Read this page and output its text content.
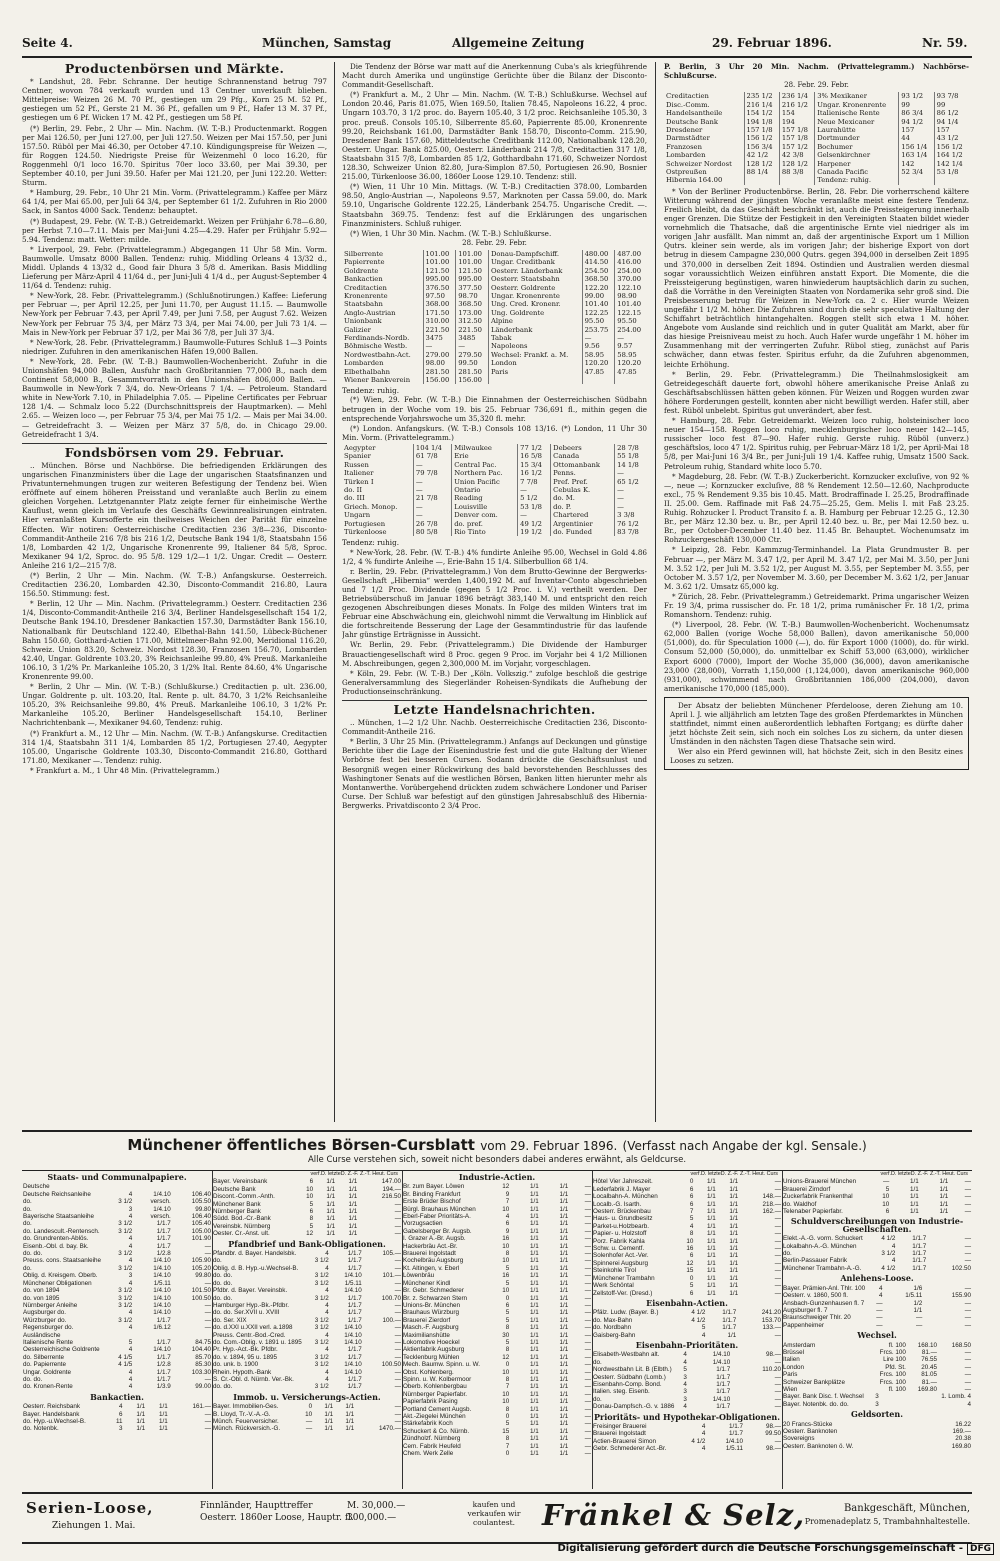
Seite 4.	München, Samstag	Allgemeine Zeitung	29. Februar 1896.	Nr. 59.
Productenbörsen und Märkte.

* Landshut, 28. Febr. Schranne. Der heutige Schrannenstand betrug 797 Centner, wovon 784 verkauft wurden und 13 Centner unverkauft blieben. Mittelpreise: Weizen 26 M. 70 Pf., gestiegen um 29 Pfg., Korn 25 M. 52 Pf., gestiegen um 52 Pf., Gerste 21 M. 36 Pf., gefallen um 9 Pf., Hafer 13 M. 37 Pf., gestiegen um 6 Pf. Wicken 17 M. 42 Pf., gestiegen um 58 Pf.

(*) Berlin, 29. Febr., 2 Uhr — Min. Nachm. (W. T.-B.) Productenmarkt. Roggen per Mai 126.50, per Juni 127.00, per Juli 127.50. Weizen per Mai 157.50, per Juni 157.50. Rüböl per Mai 46.30, per October 47.10. Kündigungspreise für Weizen —, für Roggen 124.50. Niedrigste Preise für Weizenmehl 0 loco 16.20, für Roggenmehl 0/1 loco 16.70. Spiritus 70er loco 33.60, per Mai 39.30, per September 40.10, per Juni 39.50. Hafer per Mai 121.20, per Juni 122.20. Wetter: Sturm.

* Hamburg, 29. Febr., 10 Uhr 21 Min. Vorm. (Privattelegramm.) Kaffee per März 64 1/4, per Mai 65.00, per Juli 64 3/4, per September 61 1/2. Zufuhren in Rio 2000 Sack, in Santos 4000 Sack. Tendenz: behauptet.

(*) Budapest, 29. Febr. (W. T.-B.) Getreidemarkt. Weizen per Frühjahr 6.78—6.80, per Herbst 7.10—7.11. Mais per Mai-Juni 4.25—4.29. Hafer per Frühjahr 5.92—5.94. Tendenz: matt. Wetter: milde.

* Liverpool, 29. Febr. (Privattelegramm.) Abgegangen 11 Uhr 58 Min. Vorm. Baumwolle. Umsatz 8000 Ballen. Tendenz: ruhig. Middling Orleans 4 13/32 d., Middl. Uplands 4 13/32 d., Good fair Dhura 3 5/8 d. Amerikan. Basis Middling Lieferung per März-April 4 11/64 d., per Juni-Juli 4 1/4 d., per August-September 4 11/64 d. Tendenz: ruhig.

* New-York, 28. Febr. (Privattelegramm.) (Schlußnotirungen.) Kaffee: Lieferung per Februar —, per April 12.25, per Juni 11.70, per August 11.15. — Baumwolle New-York per Februar 7.43, per April 7.49, per Juni 7.58, per August 7.62. Weizen New-York per Februar 75 3/4, per März 73 3/4, per Mai 74.00, per Juli 73 1/4. — Mais in New-York per Februar 37 1/2, per Mai 36 7/8, per Juli 37 3/4.

* New-York, 28. Febr. (Privattelegramm.) Baumwolle-Futures Schluß 1—3 Points niedriger. Zufuhren in den amerikanischen Häfen 19,000 Ballen.

* New-York, 28. Febr. (W. T.-B.) Baumwollen-Wochenbericht. Zufuhr in die Unionshäfen 94,000 Ballen, Ausfuhr nach Großbritannien 77,000 B., nach dem Continent 58,000 B., Gesammtvorrath in den Unionshäfen 806,000 Ballen. — Baumwolle in New-York 7 3/4, do. New-Orleans 7 1/4. — Petroleum. Standard white in New-York 7.10, in Philadelphia 7.05. — Pipeline Certificates per Februar 128 1/4. — Schmalz loco 5.22 (Durchschnittspreis der Hauptmarken). — Mehl 2.65. — Weizen loco —, per Februar 75 3/4, per Mai 75 1/2. — Mais per Mai 34.00. — Getreidefracht 3. — Weizen per März 37 5/8, do. in Chicago 29.00. Getreidefracht 1 3/4.

Fondsbörsen vom 29. Februar.

.. München. Börse und Nachbörse. Die befriedigenden Erklärungen des ungarischen Finanzministers über die Lage der ungarischen Staatsfinanzen und Privatunternehmungen trugen zur weiteren Befestigung der Tendenz bei. Wien eröffnete auf einem höheren Preisstand und veranlaßte auch Berlin zu einem gleichen Vorgehen. Letztgenannter Platz zeigte ferner für einheimische Werthe Kauflust, wenn gleich im Verlaufe des Geschäfts Gewinnrealisirungen eintraten. Hier veranlaßten Kursofferte ein theilweises Weichen der Parität für einzelne Effecten. Wir notiren: Oesterreichische Creditactien 236 3/8—236, Disconto-Commandit-Antheile 216 7/8 bis 216 1/2, Deutsche Bank 194 1/8, Staatsbahn 156 1/8, Lombarden 42 1/2, Ungarische Kronenrente 99, Italiener 84 5/8, Sproc. Mexikaner 94 1/2, Sproc. do. 95 5/8. 129 1/2—1 1/2. Ungar. Credit — Oesterr. Anleihe 216 1/2—215 7/8.

(*) Berlin, 2 Uhr — Min. Nachm. (W. T.-B.) Anfangskurse. Oesterreich. Creditactien 236.20, Lombarden 42.30, Disconto-Commandit 216.80, Laura 156.50. Stimmung: fest.

* Berlin, 12 Uhr — Min. Nachm. (Privattelegramm.) Oesterr. Creditactien 236 1/4, Disconto-Commandit-Antheile 216 3/4, Berliner Handelsgesellschaft 154 1/2, Deutsche Bank 194.10, Dresdener Bankactien 157.30, Darmstädter Bank 156.10, Nationalbank für Deutschland 122.40, Elbethal-Bahn 141.50, Lübeck-Büchener Bahn 150.60, Gotthard-Actien 171.00, Mittelmeer-Bahn 92.00, Meridional 116.20, Schweiz. Union 83.20, Schweiz. Nordost 128.30, Franzosen 156.70, Lombarden 42.40, Ungar. Goldrente 103.20, 3% Reichsanleihe 99.80, 4% Preuß. Markanleihe 106.10, 3 1/2% Pr. Markanleihe 105.20, 3 1/2% Ital. Rente 84.60, 4% Ungarische Kronenrente 99.00.

* Berlin, 2 Uhr — Min. (W. T.-B.) (Schlußkurse.) Creditactien p. ult. 236.00, Ungar. Goldrente p. ult. 103.20, Ital. Rente p. ult. 84.70, 3 1/2% Reichsanleihe 105.20, 3% Reichsanleihe 99.80, 4% Preuß. Markanleihe 106.10, 3 1/2% Pr. Markanleihe 105.20, Berliner Handelsgesellschaft 154.10, Berliner Nachrichtenbank —, Mexikaner 94.60, Tendenz: ruhig.

(*) Frankfurt a. M., 12 Uhr — Min. Nachm. (W. T.-B.) Anfangskurse. Creditactien 314 1/4, Staatsbahn 311 1/4, Lombarden 85 1/2, Portugiesen 27.40, Aegypter 105.00, Ungarische Goldrente 103.30, Disconto-Commandit 216.80, Gotthard 171.80, Mexikaner —. Tendenz: ruhig.

* Frankfurt a. M., 1 Uhr 48 Min. (Privattelegramm.)

Die Tendenz der Börse war matt auf die Anerkennung Cuba's als kriegführende Macht durch Amerika und ungünstige Gerüchte über die Bilanz der Disconto-Commandit-Gesellschaft.

(*) Frankfurt a. M., 2 Uhr — Min. Nachm. (W. T.-B.) Schlußkurse. Wechsel auf London 20.46, Paris 81.075, Wien 169.50, Italien 78.45, Napoleons 16.22, 4 proc. Ungarn 103.70, 3 1/2 proc. do. Bayern 105.40, 3 1/2 proc. Reichsanleihe 105.30, 3 proc. preuß. Consols 105.10, Silberrente 85.60, Papierrente 85.00, Kronenrente 99.20, Reichsbank 161.00, Darmstädter Bank 158.70, Disconto-Comm. 215.90, Dresdener Bank 157.60, Mitteldeutsche Creditbank 112.00, Nationalbank 128.20, Oesterr. Ungar. Bank 825.00, Oesterr. Länderbank 214 7/8, Creditactien 317 1/8, Staatsbahn 315 7/8, Lombarden 85 1/2, Gotthardbahn 171.60, Schweizer Nordost 128.30, Schweizer Union 82.80, Jura-Simplon 87.50, Portugiesen 26.90, Bosnier 215.00, Türkenloose 36.00, 1860er Loose 129.10. Tendenz: still.

(*) Wien, 11 Uhr 10 Min. Mittags. (W. T.-B.) Creditactien 378.00, Lombarden 98.50, Anglo-Austrian —, Napoleons 9.57, Marknoten per Cassa 59.00, do. Mark 59.10, Ungarische Goldrente 122.25, Länderbank 254.75. Ungarische Credit. —. Staatsbahn 369.75. Tendenz: fest auf die Erklärungen des ungarischen Finanzministers. Schluß ruhiger.

(*) Wien, 1 Uhr 30 Min. Nachm. (W. T.-B.) Schlußkurse.

28. Febr. 29. Febr.
Silberrente	101.00	101.00	Donau-Dampfschiff.	480.00	487.00
Papierrente	101.00	101.00	Ungar. Creditbank	414.50	416.00
Goldrente	121.50	121.50	Oesterr. Länderbank	254.50	254.00
Bankactien	995.00	995.00	Oesterr. Staatsbahn	368.50	370.00
Creditactien	376.50	377.50	Oesterr. Goldrente	122.20	122.10
Kronenrente	97.50	98.70	Ungar. Kronenrente	99.00	98.90
Staatsbahn	368.00	368.50	Ung. Cred. Kronenr.	101.40	101.40
Anglo-Austrian	171.50	173.00	Ung. Goldrente	122.25	122.15
Unionbank	310.00	312.50	Alpine	95.50	95.50
Galizier	221.50	221.50	Länderbank	253.75	254.00
Ferdinands-Nordb.	3475	3485	Tabak	—	—
Böhmische Westb.	—	—	Napoleons	9.56	9.57
Nordwestbahn-Act.	279.00	279.50	Wechsel: Frankf. a. M.	58.95	58.95
Lombarden	98.00	99.50	London	120.20	120.20
Elbethalbahn	281.50	281.50	Paris	47.85	47.85
Wiener Bankverein	156.00	156.00			
Tendenz: ruhig.

(*) Wien, 29. Febr. (W. T.-B.) Die Einnahmen der Oesterreichischen Südbahn betrugen in der Woche vom 19. bis 25. Februar 736,691 fl., mithin gegen die entsprechende Vorjahrswoche um 35,320 fl. mehr.

(*) London. Anfangskurs. (W. T.-B.) Consols 108 13/16. (*) London, 11 Uhr 30 Min. Vorm. (Privattelegramm.)

Aegypter	104 1/4	Milwaukee	77 1/2	Debeers	28 7/8
Spanier	61 7/8	Erie	16 5/8	Canada	55 1/8
Russen	—	Central Pac.	15 3/4	Ottomanbank	14 1/8
Italiener	79 7/8	Northern Pac.	16 1/2	Penns.	—
Türken I	—	Union Pacific	7 7/8	Pref. Pref.	65 1/2
do. II	—	Ontario	—	Cebulas K.	—
do. III	21 7/8	Reading	5 1/2	do. M.	—
Griech. Monop.	—	Louisville	53 1/8	do. P.	—
Ungarn	—	Denver com.	—	Chartered	3 3/8
Portugiesen	26 7/8	do. pref.	49 1/2	Argentinier	76 1/2
Türkenloose	80 5/8	Rio Tinto	19 1/2	do. Funded	83 7/8
Tendenz: ruhig.

* New-York, 28. Febr. (W. T.-B.) 4% fundirte Anleihe 95.00, Wechsel in Gold 4.86 1/2, 4 % fundirte Anleihe —, Erie-Bahn 15 1/4. Silberbullion 68 1/4.

r. Berlin, 29. Febr. (Privattelegramm.) Von dem Brutto-Gewinne der Bergwerks-Gesellschaft „Hibernia“ werden 1,400,192 M. auf Inventar-Conto abgeschrieben und 7 1/2 Proc. Dividende (gegen 5 1/2 Proc. i. V.) vertheilt werden. Der Betriebsüberschuß im Januar 1896 beträgt 383,140 M. und entspricht den reich gezogenen Abschreibungen dieses Monats. In Folge des milden Winters trat im Februar eine Abschwächung ein, gleichwohl nimmt die Verwaltung im Hinblick auf die fortschreitende Besserung der Lage der Gesammtindustrie für das laufende Jahr günstige Erträgnisse in Aussicht.

Wr. Berlin, 29. Febr. (Privattelegramm.) Die Dividende der Hamburger Brauactiengesellschaft wird 8 Proc. gegen 9 Proc. im Vorjahr bei 4 1/2 Millionen M. Abschreibungen, gegen 2,300,000 M. im Vorjahr, vorgeschlagen.

* Köln, 29. Febr. (W. T.-B.) Der „Köln. Volkszig.“ zufolge beschloß die gestrige Generalversammlung des Siegerländer Roheisen-Syndikats die Aufhebung der Productionseinschränkung.

Letzte Handelsnachrichten.

.. München, 1—2 1/2 Uhr. Nachb. Oesterreichische Creditactien 236, Disconto-Commandit-Antheile 216.

* Berlin, 3 Uhr 25 Min. (Privattelegramm.) Anfangs auf Deckungen und günstige Berichte über die Lage der Eisenindustrie fest und die gute Haltung der Wiener Vorbörse fest bei besseren Cursen. Sodann drückte die Geschäftsunlust und Besorgniß wegen einer Rückwirkung des bald bevorstehenden Beschlusses des Washingtoner Senats auf die westlichen Börsen, Banken litten hierunter mehr als Montanwerthe. Vorübergehend drückten zudem schwächere Londoner und Pariser Curse. Der Schluß war befestigt auf den günstigen Jahresabschluß des Hibernia-Bergwerks. Privatdisconto 2 3/4 Proc.

P. Berlin, 3 Uhr 20 Min. Nachm. (Privattelegramm.) Nachbörse-Schlußcurse.

28. Febr. 29. Febr.
Creditactien	235 1/2	236 1/4	3% Mexikaner	93 1/2	93 7/8
Disc.-Comm.	216 1/4	216 1/2	Ungar. Kronenrente	99	99
Handelsantheile	154 1/2	154	Italienische Rente	86 3/4	86 1/2
Deutsche Bank	194 1/8	194	Neue Mexicaner	94 1/2	94 1/4
Dresdener	157 1/8	157 1/8	Laurahütte	157	157
Darmstädter	156 1/2	157 1/8	Dortmunder	44	43 1/2
Franzosen	156 3/4	157 1/2	Bochumer	156 1/4	156 1/2
Lombarden	42 1/2	42 3/8	Gelsenkirchner	163 1/4	164 1/2
Schweizer Nordost	128 1/2	128 1/2	Harpener	142	142 1/4
Ostpreußen	88 1/4	88 3/8	Canada Pacific	52 3/4	53 1/8
Hibernia 164.00			Tendenz: ruhig.		

* Von der Berliner Productenbörse. Berlin, 28. Febr. Die vorherrschend kältere Witterung während der jüngsten Woche veranlaßte meist eine festere Tendenz. Freilich bleibt, da das Geschäft beschränkt ist, auch die Preissteigerung innerhalb enger Grenzen. Die Stütze der Festigkeit in den Vereinigten Staaten bildet wieder vornehmlich die Thatsache, daß die argentinische Ernte viel niedriger als im vorigen Jahr ausfällt. Man nimmt an, daß der argentinische Export um 1 Million Qutrs. kleiner sein werde, als im vorigen Jahr; der bisherige Export von dort betrug in diesem Campagne 230,000 Qutrs. gegen 394,000 in derselben Zeit 1895 und 370,000 in derselben Zeit 1894. Ostindien und Australien werden diesmal sogar voraussichtlich Weizen einführen anstatt Export. Die Momente, die die Preissteigerung begünstigen, waren hinwiederum hauptsächlich darin zu suchen, daß die Vorräthe in den Vereinigten Staaten von Nordamerika sehr groß sind. Die Preisbesserung betrug für Weizen in New-York ca. 2 c. Hier wurde Weizen ungefähr 1 1/2 M. höher. Die Zufuhren sind durch die sehr speculative Haltung der Schiffahrt beträchtlich hintangehalten. Roggen stellt sich etwa 1 M. höher. Angebote vom Auslande sind reichlich und in guter Qualität am Markt, aber für das hiesige Preisniveau meist zu hoch. Auch Hafer wurde ungefähr 1 M. höher im Zusammenhang mit der verringerten Zufuhr. Rübol stieg, zunächst auf Paris schwächer, dann etwas fester. Spiritus erfuhr, da die Zufuhren abgenommen, leichte Erhöhung.

* Berlin, 29. Febr. (Privattelegramm.) Die Theilnahmslosigkeit am Getreidegeschäft dauerte fort, obwohl höhere amerikanische Preise Anlaß zu Geschäftsabschlüssen hätten geben können. Für Weizen und Roggen wurden zwar höhere Forderungen gestellt, konnten aber nicht bewilligt werden. Hafer still, aber fest. Rüböl unbelebt. Spiritus gut unverändert, aber fest.

* Hamburg, 28. Febr. Getreidemarkt. Weizen loco ruhig, holsteinischer loco neuer 154—158. Roggen loco ruhig, mecklenburgischer loco neuer 142—145, russischer loco fest 87—90. Hafer ruhig. Gerste ruhig. Rüböl (unverz.) geschäftslos, loco 47 1/2. Spiritus ruhig, per Februar-März 18 1/2, per April-Mai 18 5/8, per Mai-Juni 16 3/4 Br., per Juni-Juli 19 1/4. Kaffee ruhig, Umsatz 1500 Sack. Petroleum ruhig, Standard white loco 5.70.

* Magdeburg, 28. Febr. (W. T.-B.) Zuckerbericht. Kornzucker excluſive, von 92 % —, neue —; Kornzucker excluſive, 88 % Rendement 12.50—12.60, Nachproducte excl., 75 % Rendement 9.35 bis 10.45. Matt. Brodraffinade I. 25.25, Brodraffinade II. 25.00. Gem. Raffinade mit Faß 24.75—25.25, Gem. Melis I. mit Faß 23.25. Ruhig. Rohzucker I. Product Transito f. a. B. Hamburg per Februar 12.25 G., 12.30 Br., per März 12.30 bez. u. Br., per April 12.40 bez. u. Br., per Mai 12.50 bez. u. Br., per October-December 11.40 bez. 11.45 Br. Behauptet. Wochenumsatz im Rohzuckergeschäft 130,000 Ctr.

* Leipzig, 28. Febr. Kammzug-Terminhandel. La Plata Grundmuster B. per Februar —, per März M. 3.47 1/2, per April M. 3.47 1/2, per Mai M. 3.50, per Juni M. 3.52 1/2, per Juli M. 3.52 1/2, per August M. 3.55, per September M. 3.55, per October M. 3.57 1/2, per November M. 3.60, per December M. 3.62 1/2, per Januar M. 3.62 1/2. Umsatz 65,000 kg.

* Zürich, 28. Febr. (Privattelegramm.) Getreidemarkt. Prima ungarischer Weizen Fr. 19 3/4, prima russischer do. Fr. 18 1/2, prima rumänischer Fr. 18 1/2, prima Romanshorn. Tendenz: ruhig.

(*) Liverpool, 28. Febr. (W. T.-B.) Baumwollen-Wochenbericht. Wochenumsatz 62,000 Ballen (vorige Woche 58,000 Ballen), davon amerikanische 50,000 (51,000), do. für Speculation 1000 (—), do. für Export 1000 (1000), do. für wirkl. Consum 52,000 (50,000), do. unmittelbar ex Schiff 53,000 (63,000), wirklicher Export 6000 (7000), Import der Woche 35,000 (36,000), davon amerikanische 23,000 (28,000), Vorrath 1,150,000 (1,124,000), davon amerikanische 960,000 (931,000), schwimmend nach Großbritannien 186,000 (204,000), davon amerikanische 170,000 (185,000).

Der Absatz der beliebten Münchener Pferdeloose, deren Ziehung am 10. April l. J. wie alljährlich am letzten Tage des großen Pferdemarktes in München stattfindet, nimmt einen außerordentlich lebhaften Fortgang; es dürfte daher jetzt höchste Zeit sein, sich noch ein solches Los zu sichern, da unter diesen Umständen in den nächsten Tagen diese Thatsache sein wird.

Wer also ein Pferd gewinnen will, hat höchste Zeit, sich in den Besitz eines Looses zu setzen.

Münchener öffentliches Börsen-Cursblatt vom 29. Februar 1896. (Verfasst nach Angabe der kgl. Sensale.)
Alle Curse verstehen sich, soweit nicht besonders dabei anderes erwähnt, als Geldcurse.
Staats- und Communalpapiere.
Deutsche				
Deutsche Reichsanleihe	4	1/4.10		106.40
do.	3 1/2	versch.		105.50
do.	3	1/4.10		99.80
Bayerische Staatsanleihe	4	versch.		106.40
do.	3 1/2	1/1.7		105.40
do. Landescult.-Rentensch.	3 1/2	1/1.7		105.00
do. Grundrenten-Ablös.	4	1/1.7		101.90
Eisenb.-Obl. d. bay. Bk.	4	1/1.7		—
do. do.	3 1/2	1/2.8		—
Preuss. cons. Staatsanleihe	4	1/4.10		105.90
do.	3 1/2	1/4.10		105.20
Oblig. d. Kreisgem. Oberb.	3	1/4.10		99.80
Münchener Obligationen	4	1/5.11		—
do. von 1894	3 1/2	1/4.10		101.50
do. von 1895	3 1/2	1/4.10		100.50
Nürnberger Anleihe	3 1/2	1/4.10		—
Augsburger do.	4	1/4.10		—
Würzburger do.	3 1/2	1/1.7		—
Regensburger do.	4	1/6.12		—
Ausländische				
Italienische Rente	5	1/1.7		84.75
Oesterreichische Goldrente	4	1/4.10		104.40
do. Silberrente	4 1/5	1/1.7		85.70
do. Papierrente	4 1/5	1/2.8		85.30
Ungar. Goldrente	4	1/1.7		103.30
do. do.	4	1/1.7		—
do. Kronen-Rente	4	1/3.9		99.00
Bankactien.
Oesterr. Reichsbank	4	1/1	1/1	161.—
Bayer. Handelsbank	6	1/1	1/1	—
do. Hyp.-u.Wechsel-B.	11	1/1	1/1	—
do. Notenbk.	3	1/1	1/1	—
verf.D. letzteD. Z.-F. Z.-T. Heut. Curs
Bayer. Vereinsbank	6	1/1	1/1	147.00
Deutsche Bank	10	1/1	1/1	194.—
Discont.-Comm.-Anth.	10	1/1	1/1	216.50
Münchener Bank	5	1/1	1/1	—
Nürnberger Bank	6	1/1	1/1	—
Südd. Bod.-Cr.-Bank	8	1/1	1/1	—
Vereinsbk. Nürnberg	5	1/1	1/1	—
Oester. Cr.-Anst. ult.	12	1/1	1/1	—
Pfandbrief und Bank-Obligationen.
Pfandbr. d. Bayer. Handelsbk.	4	1/1.7		105.—
do.	3 1/2	1/1.7		—
Oblig. d. B. Hyp.-u.Wechsel-B.	4	1/1.7		—
do. do.	3 1/2	1/4.10		101.—
do. do.	3 1/2	1/5.11		—
Pfdbr. d. Bayer. Vereinsbk.	4	1/4.10		—
do. do.	3 1/2	1/1.7		100.70
Hamburger Hyp.-Bk.-Pfdbr.	4	1/1.7		—
do. do. Ser.XVII u. XVIII	4	1/1.7		—
do. Ser. XIX	3 1/2	1/1.7		100.—
do. d.XXI u.XXII verl. a.1898	3 1/2	1/4.10		—
Preuss. Centr.-Bod.-Cred.	4	1/4.10		—
do. Com.-Oblig. v. 1891 u. 1895	3 1/2	1/4.10		—
Pr. Hyp.-Act.-Bk. Pfdbr.	4	1/1.7		—
do. v. 1894, 95 u. 1895	3 1/2	1/1.7		—
do. unk. b. 1900	3 1/2	1/4.10		100.50
Rhein. Hypoth.-Bank	4	1/4.10		—
S. Cr.-Obl. d. Nürnb. Ver.-Bk.	4	1/1.7		—
do. do.	3 1/2	1/1.7		—
Immob. u. Versicherungs-Actien.
Bayer. Immobilien-Ges.	0	1/1	1/1	—
B. Lloyd, Tr.-V.-A.-G.	10	1/1	1/1	—
Münch. Feuerversicher.	—	1/1	1/1	—
Münch. Rückversich.-G.	—	1/1	1/1	1470.—
Industrie-Actien.
Br. zum Bayer. Löwen	12	1/1	1/1	—
Br. Binding Frankfurt	9	1/1	1/1	—
Erste Brüder Bischof	7	1/1	1/1	—
Bürgl. Brauhaus München	10	1/1	1/1	—
Eberl-Faber Prioritäts-A.	4	1/1	1/1	—
Vorzugsactien	6	1/1	1/1	—
Gabelsberger Br. Augsb.	9	1/1	1/1	—
I. Grazer A.-Br. Augsb.	16	1/1	1/1	—
Hackerbräu Act.-Br.	10	1/1	1/1	—
Brauerei Ingolstadt	8	1/1	1/1	—
Kochelbräu Augsburg	10	1/1	1/1	—
Kt. Altingen, v. Eberl	5	1/1	1/1	—
Löwenbräu	16	1/1	1/1	—
Münchener Kindl	5	1/1	1/1	—
Br. Gebr. Schmederer	10	1/1	1/1	—
Br. z. Schwarzen Stern	0	1/1	1/1	—
Unions-Br. München	6	1/1	1/1	—
Brauhaus Würzburg	5	1/1	1/1	—
Brauerei Zierdorf	5	1/1	1/1	—
Masch.-F. Augsburg	8	1/1	1/1	—
Maximilianshütte	30	1/1	1/1	—
Lokomotive Hoeckel	5	1/1	1/1	—
Aktienfabrik Augsburg	8	1/1	1/1	—
Tecklenburg Mühlen	12	1/1	1/1	—
Mech. Baumw. Spinn. u. W.	0	1/1	1/1	—
Obst. Kohlenberg.	10	1/1	1/1	—
Spinn. u. W. Kolbermoor	8	1/1	1/1	—
Oberb. Kohlenbergbau	7	1/1	1/1	—
Nürnberger Papierfabr.	10	1/1	1/1	—
Papierfabrik Pasing	10	1/1	1/1	—
Portland Cement Augsb.	8	1/1	1/1	—
Akt.-Ziegelei München	0	1/1	1/1	—
Stärkefabrik Koch	5	1/1	1/1	—
Schuckert & Co. Nürnb.	15	1/1	1/1	—
Zündholzf. Nürnberg	8	1/1	1/1	—
Cem. Fabrik Heufeld	7	1/1	1/1	—
Chem. Werk Zelle	0	1/1	1/1	—
verf.D. letzteD. Z.-F. Z.-T. Heut. Curs
Hôtel Vier Jahreszeit.	0	1/1	1/1	—
Lederfabrik J. Mayer	6	1/1	1/1	—
Localbahn-A. München	6	1/1	1/1	148.—
Localb.-G. Isarth.	6	1/1	1/1	218.—
Oesterr. Brückenbau	7	1/1	1/1	162.—
Haus- u. Grundbesitz	5	1/1	1/1	—
Parket-u.Holzbearb.	4	1/1	1/1	—
Papier- u. Holzstoff	8	1/1	1/1	—
Porz. Fabrik Kahla	10	1/1	1/1	—
Schw. u. Cementf.	16	1/1	1/1	—
Solenhofer Act.-Ver.	6	1/1	1/1	—
Spinnerei Augsburg	12	1/1	1/1	—
Steinkohle Tirol	15	1/1	1/1	—
Münchener Trambahn	0	1/1	1/1	—
Werk Schöntal	5	1/1	1/1	—
Zellstoff-Ver. (Dresd.)	6	1/1	1/1	—
Eisenbahn-Actien.
Pfälz. Ludw. (Bayer. B.)	4 1/2	1/1.7		241.20
do. Max-Bahn	4 1/2	1/1.7		153.70
do. Nordbahn	5	1/1.7		133.—
Gaisberg-Bahn	4	1/1		—
Eisenbahn-Prioritäten.
Elisabeth-Westbahn alt.	4	1/4.10		98.—
do.	4	1/4.10		—
Nordwestbahn Lit. B (Elbth.)	5	1/1.7		110.20
Oesterr. Südbahn (Lomb.)	3	1/1.7		—
Eisenbahn-Comp. Bond.	4	1/1.7		—
Italien. steg. Eisenb.	3	1/1.7		—
do.	3	1/4.10		—
Donau-Dampfsch.-G. v. 1886	4	1/1.7		—
Prioritäts- und Hypothekar-Obligationen.
Freisinger Brauerei	4	1/1.7		98.—
Brauerei Ingolstadt	4	1/1.7		99.50
Actien-Brauerei Simon	4 1/2	1/4.10		—
Gebr. Schmederer Act.-Br.	4	1/5.11		98.—
verf.D. letzteD. Z.-F. Z.-T. Heut. Curs
Unions-Brauerei München	—	1/1	1/1	—
Brauerei Zirndorf	5	1/1	1/1	—
Zuckerfabrik Frankenthal	10	1/1	1/1	—
do. Waldhof	10	1/1	1/1	—
Telenaber Papierfabr.	6	1/1	1/1	—
Schuldverschreibungen von Industrie-Gesellschaften.
Elekt.-A.-G. vorm. Schuckert	4 1/2	1/1.7		—
Lokalbahn-A.-G. München	4	1/1.7		—
do.	3 1/2	1/1.7		—
Berlin-Passauer Fabrik	4	1/1.7		—
Münchener Trambahn-A.-G.	4 1/2	1/1.7		102.50
Anlehens-Loose.
Bayer. Prämien-Anl. Thlr. 100	4	1/6		—
Oesterr. v. 1860, 500 fl.	4	1/5.11		155.90
Ansbach-Gunzenhausen fl. 7	—	1/2		—
Augsburger fl. 7	—	1/1		—
Braunschweiger Thlr. 20	—	—		—
Pappenheimer	—	—		—
Wechsel.
Amsterdam	fl. 100	168.10		168.50
Brüssel	Frcs. 100	81.—		—
Italien	Lire 100	76.55		—
London	Pfd. St.	20.45		—
Paris	Frcs. 100	81.05		—
Schweizer Bankplätze	Frcs. 100	81.—		—
Wien	fl. 100	169.80		—
Bayer. Bank Disc. f. Wechsel	3			1. Lomb. 4
Bayer. Notenbk. do. do.	3			4
Geldsorten.
20 Francs-Stücke				16.22
Oesterr. Banknoten				169.—
Sovereigns				20.38
Oesterr. Banknoten ö. W.				169.80
Serien-Loose,
Ziehungen 1. Mai.
Finnländer, Haupttreffer
Oesterr. 1860er Loose, Hauptr. fl.
M. 30,000.—
300,000.—
kaufen und verkaufen wir coulantest. Fränkel & Selz,	Bankgeschäft, München,
Promenadeplatz 5, Trambahnhaltestelle.
Digitalisierung gefördert durch die Deutsche Forschungsgemeinschaft - DFG
